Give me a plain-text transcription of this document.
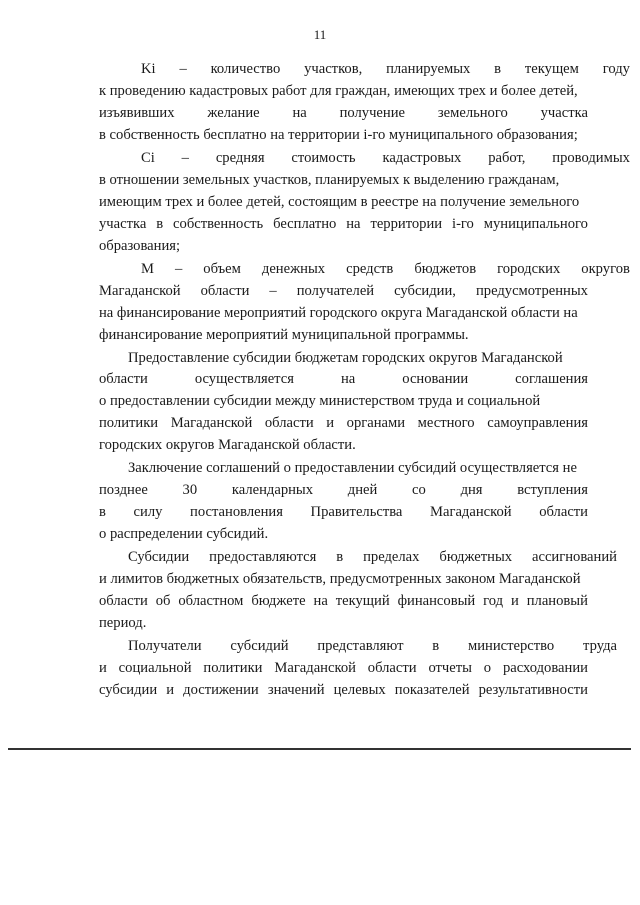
11
Ki – количество участков, планируемых в текущем году
к проведению кадастровых работ для граждан, имеющих трех и более детей,
изъявивших желание на получение земельного участка
в собственность бесплатно на территории i-го муниципального образования;
Ci – средняя стоимость кадастровых работ, проводимых
в отношении земельных участков, планируемых к выделению гражданам,
имеющим трех и более детей, состоящим в реестре на получение земельного
участка в собственность бесплатно на территории i-го муниципального
образования;
М – объем денежных средств бюджетов городских округов
Магаданской области – получателей субсидии, предусмотренных
на финансирование мероприятий городского округа Магаданской области на
финансирование мероприятий муниципальной программы.
Предоставление субсидии бюджетам городских округов Магаданской
области	осуществляется	на	основании	соглашения
о предоставлении субсидии между министерством труда и социальной
политики Магаданской области и органами местного самоуправления
городских округов Магаданской области.
Заключение соглашений о предоставлении субсидий осуществляется не
позднее 30 календарных дней со дня вступления
в силу постановления Правительства Магаданской области
о распределении субсидий.
Субсидии предоставляются в пределах бюджетных ассигнований
и лимитов бюджетных обязательств, предусмотренных законом Магаданской
области об областном бюджете на текущий финансовый год и плановый
период.
Получатели субсидий представляют в министерство труда
и социальной политики Магаданской области отчеты о расходовании
субсидии и достижении значений целевых показателей результативности
